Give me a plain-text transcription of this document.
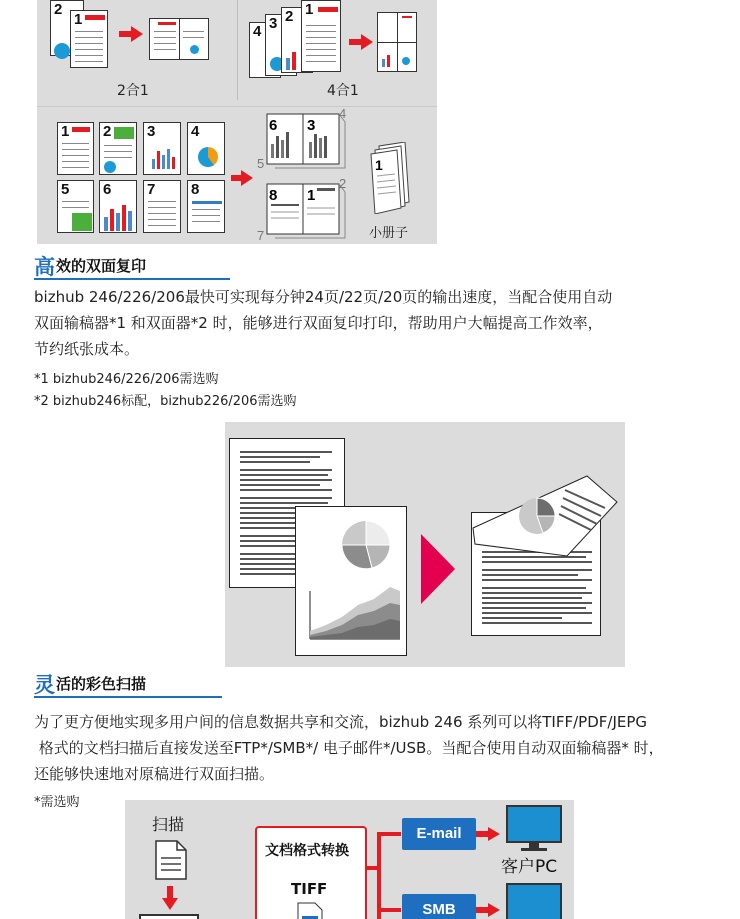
2
1
2合1
4 3 2 1
4合1
1 2 3 4
5 6 7 8
6 3
4
5
8 1
2
7
1
小册子
高 效的双面复印
bizhub 246/226/206最快可实现每分钟24页/22页/20页的输出速度，当配合使用自动
双面输稿器*1 和双面器*2 时，能够进行双面复印打印，帮助用户大幅提高工作效率，
节约纸张成本。
*1 bizhub246/226/206需选购
*2 bizhub246标配，bizhub226/206需选购
灵 活的彩色扫描
为了更方便地实现多用户间的信息数据共享和交流，bizhub 246 系列可以将TIFF/PDF/JEPG
格式的文档扫描后直接发送至FTP*/SMB*/ 电子邮件*/USB。当配合使用自动双面输稿器* 时，
还能够快速地对原稿进行双面扫描。
*需选购
扫描
文档格式转换
TIFF
E-mail
SMB
客户PC
